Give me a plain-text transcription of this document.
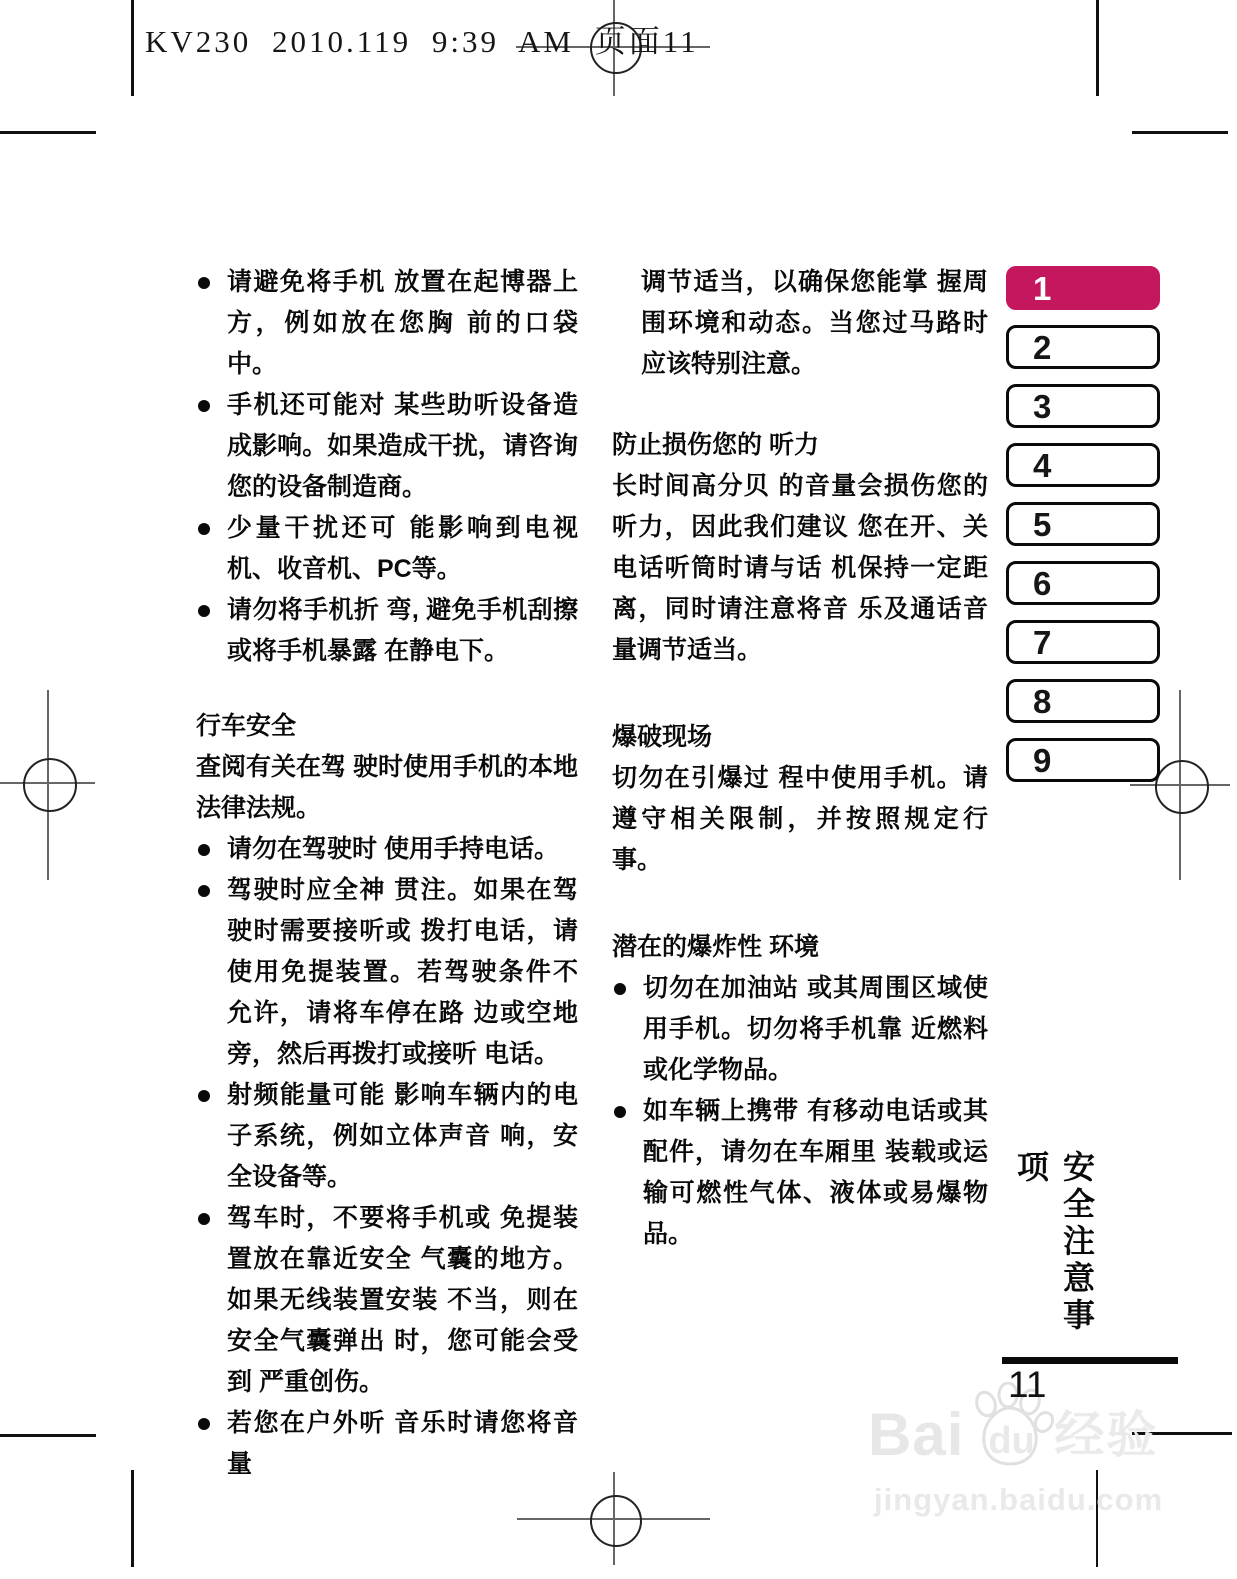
KV230 2010.119 9:39 AM 页面11
请避免将手机 放置在起博器上方，例如放在您胸 前的口袋中。
手机还可能对 某些助听设备造成影响。如果造成干扰，请咨询您的设备制造商。
少量干扰还可 能影响到电视机、收音机、PC等。
请勿将手机折 弯, 避免手机刮擦或将手机暴露 在静电下。
行车安全

查阅有关在驾 驶时使用手机的本地法律法规。

请勿在驾驶时 使用手持电话。
驾驶时应全神 贯注。如果在驾驶时需要接听或 拨打电话，请使用免提装置。若驾驶条件不 允许，请将车停在路 边或空地旁，然后再拨打或接听 电话。
射频能量可能 影响车辆内的电子系统，例如立体声音 响，安全设备等。
驾车时，不要将手机或 免提装置放在靠近安全 气囊的地方。如果无线装置安装 不当，则在安全气囊弹出 时，您可能会受到 严重创伤。
若您在户外听 音乐时请您将音量

调节适当，以确保您能掌 握周围环境和动态。当您过马路时 应该特别注意。

防止损伤您的 听力

长时间高分贝 的音量会损伤您的听力，因此我们建议 您在开、关电话听筒时请与话 机保持一定距离，同时请注意将音 乐及通话音量调节适当。

爆破现场

切勿在引爆过 程中使用手机。请遵守相关限制，并按照规定行 事。

潜在的爆炸性 环境
切勿在加油站 或其周围区域使用手机。切勿将手机靠 近燃料或化学物品。
如车辆上携带 有移动电话或其配件，请勿在车厢里 装载或运输可燃性气体、液体或易爆物 品。
1
2
3
4
5
6
7
8
9
安全注意事项
11
Bai du 经验
jingyan.baidu.com
